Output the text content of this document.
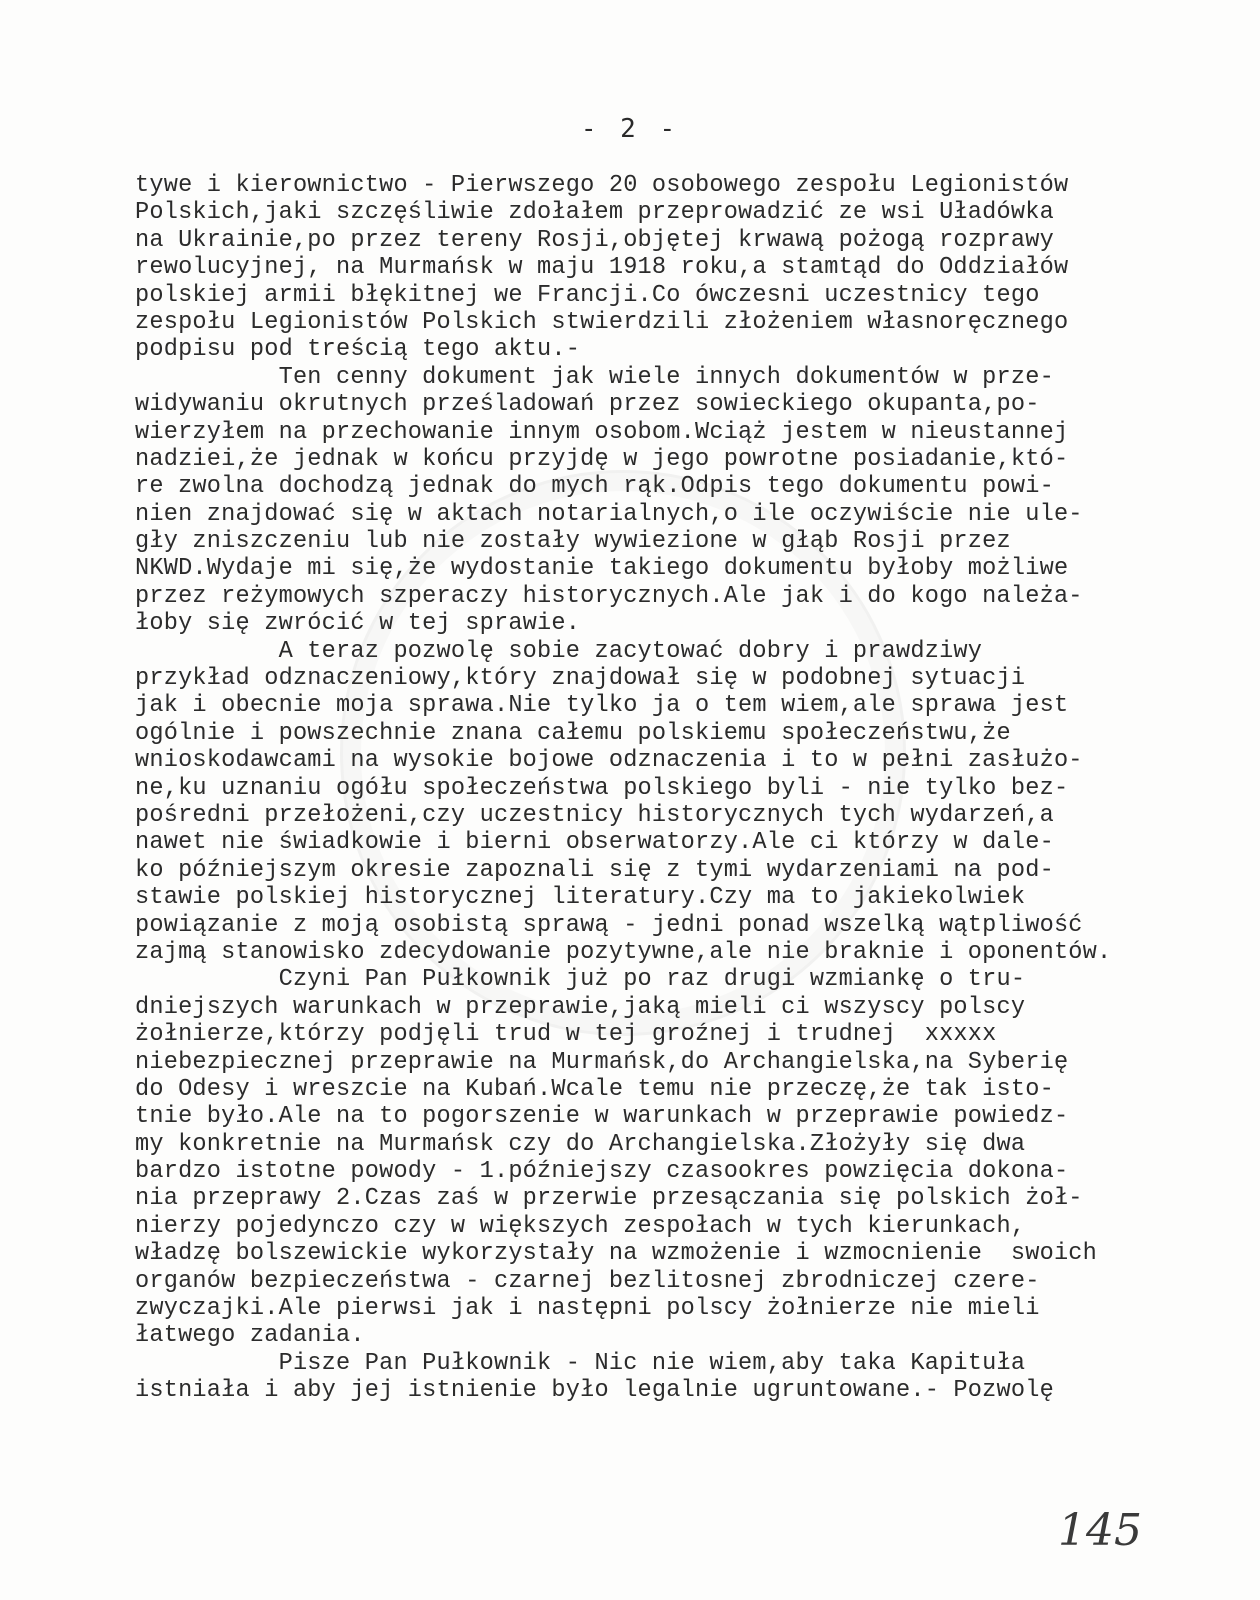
- 2 -
tywe i kierownictwo - Pierwszego 20 osobowego zespołu Legionistów
Polskich,jaki szczęśliwie zdołałem przeprowadzić ze wsi Uładówka
na Ukrainie,po przez tereny Rosji,objętej krwawą pożogą rozprawy
rewolucyjnej, na Murmańsk w maju 1918 roku,a stamtąd do Oddziałów
polskiej armii błękitnej we Francji.Co ówczesni uczestnicy tego
zespołu Legionistów Polskich stwierdzili złożeniem własnoręcznego
podpisu pod treścią tego aktu.-
Ten cenny dokument jak wiele innych dokumentów w prze-
widywaniu okrutnych prześladowań przez sowieckiego okupanta,po-
wierzyłem na przechowanie innym osobom.Wciąż jestem w nieustannej
nadziei,że jednak w końcu przyjdę w jego powrotne posiadanie,któ-
re zwolna dochodzą jednak do mych rąk.Odpis tego dokumentu powi-
nien znajdować się w aktach notarialnych,o ile oczywiście nie ule-
gły zniszczeniu lub nie zostały wywiezione w głąb Rosji przez
NKWD.Wydaje mi się,że wydostanie takiego dokumentu byłoby możliwe
przez reżymowych szperaczy historycznych.Ale jak i do kogo należa-
łoby się zwrócić w tej sprawie.
A teraz pozwolę sobie zacytować dobry i prawdziwy
przykład odznaczeniowy,który znajdował się w podobnej sytuacji
jak i obecnie moja sprawa.Nie tylko ja o tem wiem,ale sprawa jest
ogólnie i powszechnie znana całemu polskiemu społeczeństwu,że
wnioskodawcami na wysokie bojowe odznaczenia i to w pełni zasłużo-
ne,ku uznaniu ogółu społeczeństwa polskiego byli - nie tylko bez-
pośredni przełożeni,czy uczestnicy historycznych tych wydarzeń,a
nawet nie świadkowie i bierni obserwatorzy.Ale ci którzy w dale-
ko późniejszym okresie zapoznali się z tymi wydarzeniami na pod-
stawie polskiej historycznej literatury.Czy ma to jakiekolwiek
powiązanie z moją osobistą sprawą - jedni ponad wszelką wątpliwość
zajmą stanowisko zdecydowanie pozytywne,ale nie braknie i oponentów.
Czyni Pan Pułkownik już po raz drugi wzmiankę o tru-
dniejszych warunkach w przeprawie,jaką mieli ci wszyscy polscy
żołnierze,którzy podjęli trud w tej groźnej i trudnej  xxxxx
niebezpiecznej przeprawie na Murmańsk,do Archangielska,na Syberię
do Odesy i wreszcie na Kubań.Wcale temu nie przeczę,że tak isto-
tnie było.Ale na to pogorszenie w warunkach w przeprawie powiedz-
my konkretnie na Murmańsk czy do Archangielska.Złożyły się dwa
bardzo istotne powody - 1.późniejszy czasookres powzięcia dokona-
nia przeprawy 2.Czas zaś w przerwie przesączania się polskich żoł-
nierzy pojedynczo czy w większych zespołach w tych kierunkach,
władzę bolszewickie wykorzystały na wzmożenie i wzmocnienie  swoich
organów bezpieczeństwa - czarnej bezlitosnej zbrodniczej czere-
zwyczajki.Ale pierwsi jak i następni polscy żołnierze nie mieli
łatwego zadania.
Pisze Pan Pułkownik - Nic nie wiem,aby taka Kapituła
istniała i aby jej istnienie było legalnie ugruntowane.- Pozwolę
145
